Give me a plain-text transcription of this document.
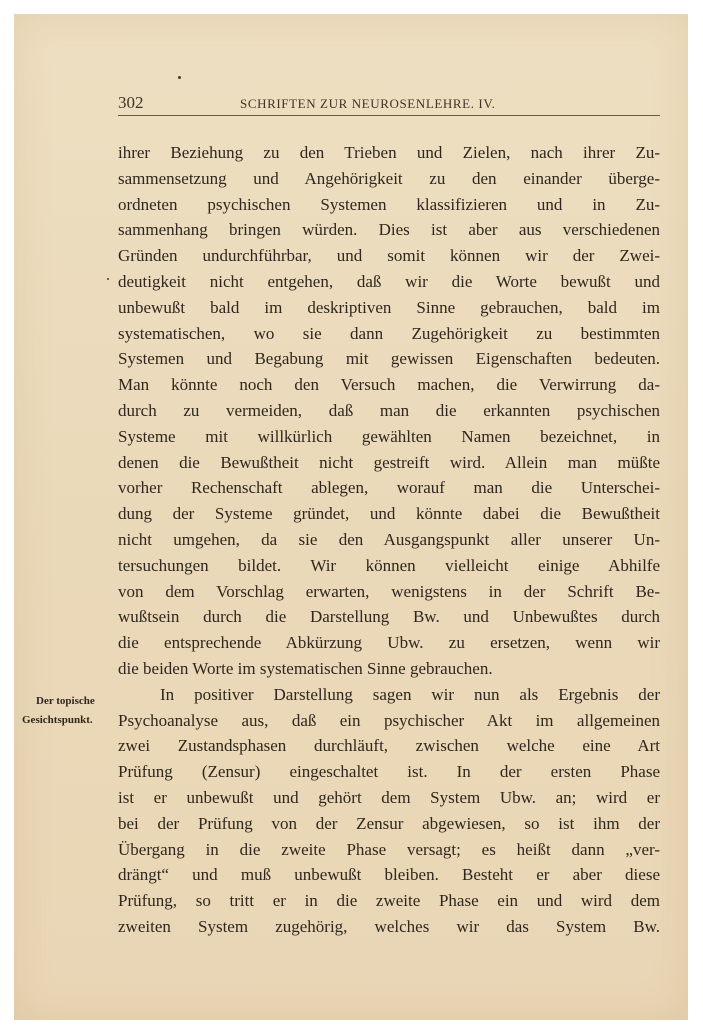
302	SCHRIFTEN ZUR NEUROSENLEHRE. IV.
Der topische
Gesichtspunkt.
ihrer Beziehung zu den Trieben und Zielen, nach ihrer Zu-
sammensetzung und Angehörigkeit zu den einander überge-
ordneten psychischen Systemen klassifizieren und in Zu-
sammenhang bringen würden. Dies ist aber aus verschiedenen
Gründen undurchführbar, und somit können wir der Zwei-
deutigkeit nicht entgehen, daß wir die Worte bewußt und
unbewußt bald im deskriptiven Sinne gebrauchen, bald im
systematischen, wo sie dann Zugehörigkeit zu bestimmten
Systemen und Begabung mit gewissen Eigenschaften bedeuten.
Man könnte noch den Versuch machen, die Verwirrung da-
durch zu vermeiden, daß man die erkannten psychischen
Systeme mit willkürlich gewählten Namen bezeichnet, in
denen die Bewußtheit nicht gestreift wird. Allein man müßte
vorher Rechenschaft ablegen, worauf man die Unterschei-
dung der Systeme gründet, und könnte dabei die Bewußtheit
nicht umgehen, da sie den Ausgangspunkt aller unserer Un-
tersuchungen bildet. Wir können vielleicht einige Abhilfe
von dem Vorschlag erwarten, wenigstens in der Schrift Be-
wußtsein durch die Darstellung Bw. und Unbewußtes durch
die entsprechende Abkürzung Ubw. zu ersetzen, wenn wir
die beiden Worte im systematischen Sinne gebrauchen.
In positiver Darstellung sagen wir nun als Ergebnis der
Psychoanalyse aus, daß ein psychischer Akt im allgemeinen
zwei Zustandsphasen durchläuft, zwischen welche eine Art
Prüfung (Zensur) eingeschaltet ist. In der ersten Phase
ist er unbewußt und gehört dem System Ubw. an; wird er
bei der Prüfung von der Zensur abgewiesen, so ist ihm der
Übergang in die zweite Phase versagt; es heißt dann „ver-
drängt“ und muß unbewußt bleiben. Besteht er aber diese
Prüfung, so tritt er in die zweite Phase ein und wird dem
zweiten System zugehörig, welches wir das System Bw.
